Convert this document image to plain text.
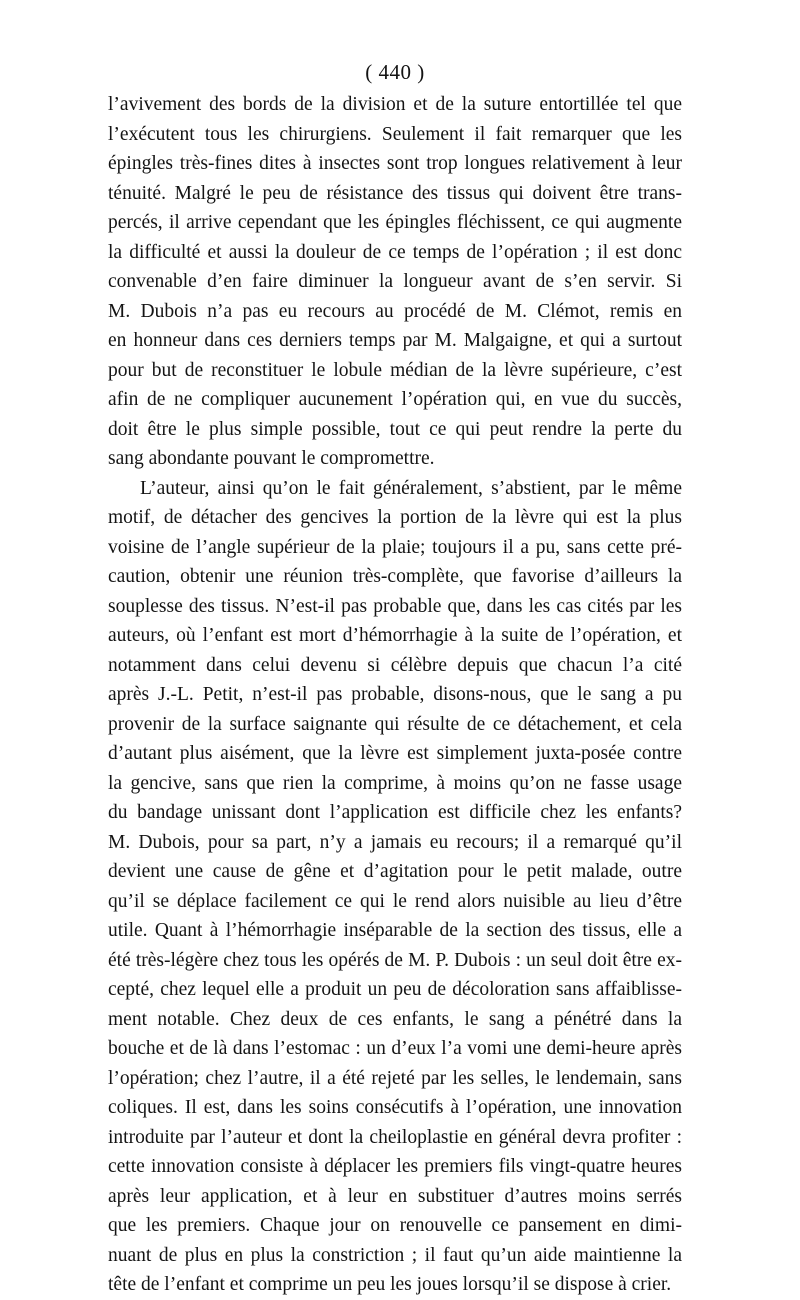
( 440 )
l’avivement des bords de la division et de la suture entortillée tel que
l’exécutent tous les chirurgiens. Seulement il fait remarquer que les
épingles très-fines dites à insectes sont trop longues relativement à leur
ténuité. Malgré le peu de résistance des tissus qui doivent être trans-
percés, il arrive cependant que les épingles fléchissent, ce qui augmente
la difficulté et aussi la douleur de ce temps de l’opération ; il est donc
convenable d’en faire diminuer la longueur avant de s’en servir. Si
M. Dubois n’a pas eu recours au procédé de M. Clémot, remis en
en honneur dans ces derniers temps par M. Malgaigne, et qui a surtout
pour but de reconstituer le lobule médian de la lèvre supérieure, c’est
afin de ne compliquer aucunement l’opération qui, en vue du succès,
doit être le plus simple possible, tout ce qui peut rendre la perte du
sang abondante pouvant le compromettre.
L’auteur, ainsi qu’on le fait généralement, s’abstient, par le même
motif, de détacher des gencives la portion de la lèvre qui est la plus
voisine de l’angle supérieur de la plaie; toujours il a pu, sans cette pré-
caution, obtenir une réunion très-complète, que favorise d’ailleurs la
souplesse des tissus. N’est-il pas probable que, dans les cas cités par les
auteurs, où l’enfant est mort d’hémorrhagie à la suite de l’opération, et
notamment dans celui devenu si célèbre depuis que chacun l’a cité
après J.-L. Petit, n’est-il pas probable, disons-nous, que le sang a pu
provenir de la surface saignante qui résulte de ce détachement, et cela
d’autant plus aisément, que la lèvre est simplement juxta-posée contre
la gencive, sans que rien la comprime, à moins qu’on ne fasse usage
du bandage unissant dont l’application est difficile chez les enfants?
M. Dubois, pour sa part, n’y a jamais eu recours; il a remarqué qu’il
devient une cause de gêne et d’agitation pour le petit malade, outre
qu’il se déplace facilement ce qui le rend alors nuisible au lieu d’être
utile. Quant à l’hémorrhagie inséparable de la section des tissus, elle a
été très-légère chez tous les opérés de M. P. Dubois : un seul doit être ex-
cepté, chez lequel elle a produit un peu de décoloration sans affaiblisse-
ment notable. Chez deux de ces enfants, le sang a pénétré dans la
bouche et de là dans l’estomac : un d’eux l’a vomi une demi-heure après
l’opération; chez l’autre, il a été rejeté par les selles, le lendemain, sans
coliques. Il est, dans les soins consécutifs à l’opération, une innovation
introduite par l’auteur et dont la cheiloplastie en général devra profiter :
cette innovation consiste à déplacer les premiers fils vingt-quatre heures
après leur application, et à leur en substituer d’autres moins serrés
que les premiers. Chaque jour on renouvelle ce pansement en dimi-
nuant de plus en plus la constriction ; il faut qu’un aide maintienne la
tête de l’enfant et comprime un peu les joues lorsqu’il se dispose à crier.
